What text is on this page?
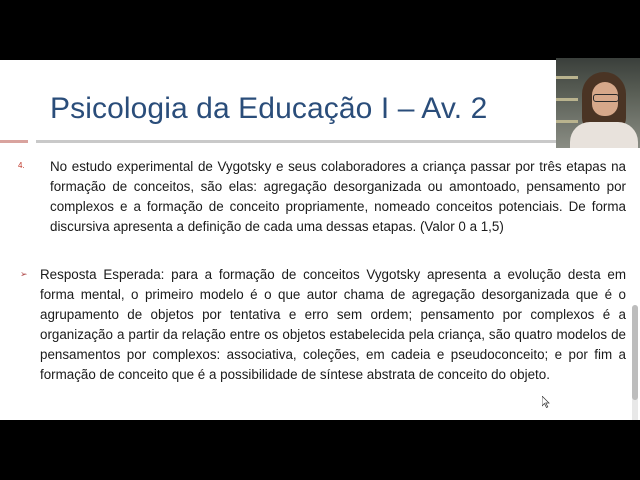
Psicologia da Educação I – Av. 2
4. No estudo experimental de Vygotsky e seus colaboradores a criança passar por três etapas na formação de conceitos, são elas: agregação desorganizada ou amontoado, pensamento por complexos e a formação de conceito propriamente, nomeado conceitos potenciais. De forma discursiva apresenta a definição de cada uma dessas etapas. (Valor 0 a 1,5)
➢ Resposta Esperada: para a formação de conceitos Vygotsky apresenta a evolução desta em forma mental, o primeiro modelo é o que autor chama de agregação desorganizada que é o agrupamento de objetos por tentativa e erro sem ordem; pensamento por complexos é a organização a partir da relação entre os objetos estabelecida pela criança, são quatro modelos de pensamentos por complexos: associativa, coleções, em cadeia e pseudoconceito; e por fim a formação de conceito que é a possibilidade de síntese abstrata de conceito do objeto.
